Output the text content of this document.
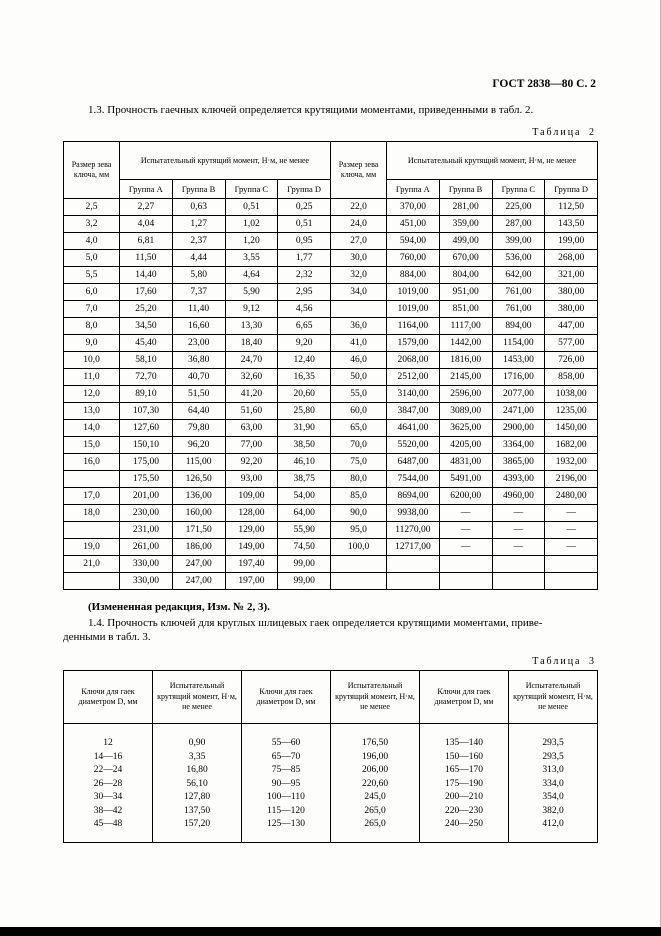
ГОСТ 2838—80 С. 2

1.3. Прочность гаечных ключей определяется крутящими моментами, приведенными в табл. 2.

Таблица 2
Размер зева ключа, мм	Испытательный крутящий момент, Н·м, не менее				Размер зева ключа, мм	Испытательный крутящий момент, Н·м, не менее			
	Группа A	Группа B	Группа C	Группа D		Группа A	Группа B	Группа C	Группа D
2,5	2,27	0,63	0,51	0,25	22,0	370,00	281,00	225,00	112,50
3,2	4,04	1,27	1,02	0,51	24,0	451,00	359,00	287,00	143,50
4,0	6,81	2,37	1,20	0,95	27,0	594,00	499,00	399,00	199,00
5,0	11,50	4,44	3,55	1,77	30,0	760,00	670,00	536,00	268,00
5,5	14,40	5,80	4,64	2,32	32,0	884,00	804,00	642,00	321,00
6,0	17,60	7,37	5,90	2,95	34,0	1019,00	951,00	761,00	380,00
7,0	25,20	11,40	9,12	4,56		1019,00	851,00	761,00	380,00
8,0	34,50	16,60	13,30	6,65	36,0	1164,00	1117,00	894,00	447,00
9,0	45,40	23,00	18,40	9,20	41,0	1579,00	1442,00	1154,00	577,00
10,0	58,10	36,80	24,70	12,40	46,0	2068,00	1816,00	1453,00	726,00
11,0	72,70	40,70	32,60	16,35	50,0	2512,00	2145,00	1716,00	858,00
12,0	89,10	51,50	41,20	20,60	55,0	3140,00	2596,00	2077,00	1038,00
13,0	107,30	64,40	51,60	25,80	60,0	3847,00	3089,00	2471,00	1235,00
14,0	127,60	79,80	63,00	31,90	65,0	4641,00	3625,00	2900,00	1450,00
15,0	150,10	96,20	77,00	38,50	70,0	5520,00	4205,00	3364,00	1682,00
16,0	175,00	115,00	92,20	46,10	75,0	6487,00	4831,00	3865,00	1932,00
	175,50	126,50	93,00	38,75	80,0	7544,00	5491,00	4393,00	2196,00
17,0	201,00	136,00	109,00	54,00	85,0	8694,00	6200,00	4960,00	2480,00
18,0	230,00	160,00	128,00	64,00	90,0	9938,00	—	—	—
	231,00	171,50	129,00	55,90	95,0	11270,00	—	—	—
19,0	261,00	186,00	149,00	74,50	100,0	12717,00	—	—	—
21,0	330,00	247,00	197,40	99,00					
	330,00	247,00	197,00	99,00					

(Измененная редакция, Изм. № 2, 3).

1.4. Прочность ключей для круглых шлицевых гаек определяется крутящими моментами, приве-
денными в табл. 3.

Таблица 3
Ключи для гаек диаметром D, мм	Испытательный крутящий момент, Н·м, не менее	Ключи для гаек диаметром D, мм	Испытательный крутящий момент, Н·м, не менее	Ключи для гаек диаметром D, мм	Испытательный крутящий момент, Н·м, не менее
12	0,90	55—60	176,50	135—140	293,5
14—16	3,35	65—70	196,00	150—160	293,5
22—24	16,80	75—85	206,00	165—170	313,0
26—28	56,10	90—95	220,60	175—190	334,0
30—34	127,80	100—110	245,0	200—210	354,0
38—42	137,50	115—120	265,0	220—230	382,0
45—48	157,20	125—130	265,0	240—250	412,0
